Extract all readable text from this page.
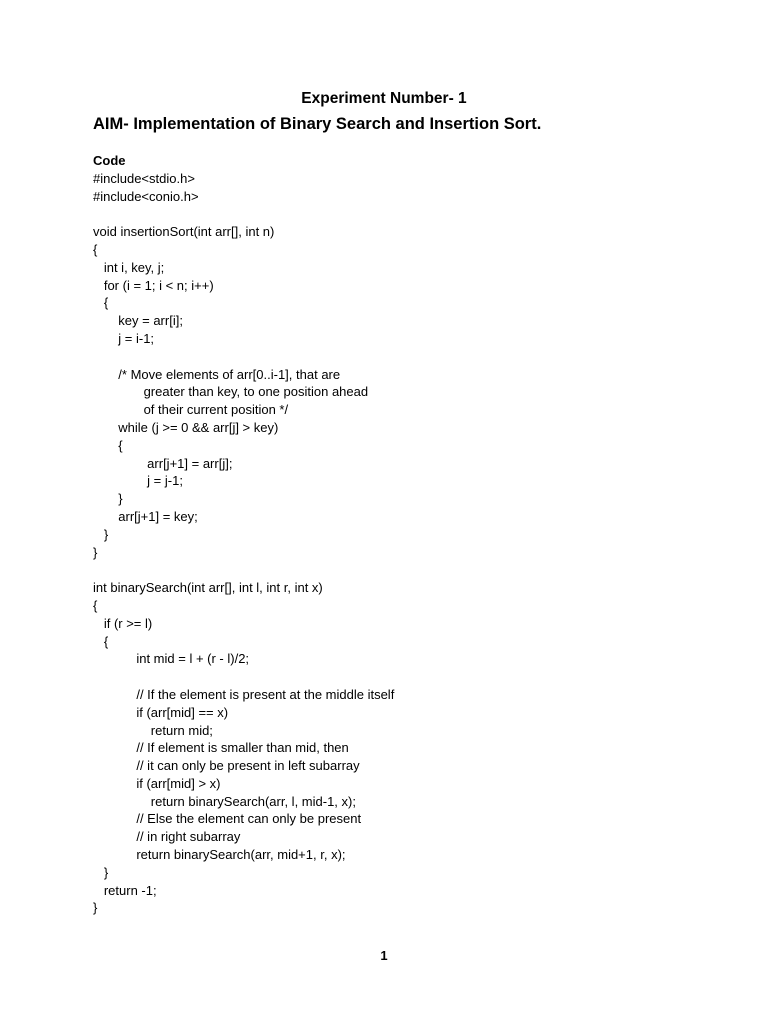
Experiment Number- 1
AIM- Implementation of Binary Search and Insertion Sort.
Code
#include<stdio.h>
#include<conio.h>
void insertionSort(int arr[], int n)
{
int i, key, j;
for (i = 1; i < n; i++)
{
key = arr[i];
j = i-1;
/* Move elements of arr[0..i-1], that are
greater than key, to one position ahead
of their current position */
while (j >= 0 && arr[j] > key)
{
arr[j+1] = arr[j];
j = j-1;
}
arr[j+1] = key;
}
}
int binarySearch(int arr[], int l, int r, int x)
{
if (r >= l)
{
int mid = l + (r - l)/2;
// If the element is present at the middle itself
if (arr[mid] == x)
return mid;
// If element is smaller than mid, then
// it can only be present in left subarray
if (arr[mid] > x)
return binarySearch(arr, l, mid-1, x);
// Else the element can only be present
// in right subarray
return binarySearch(arr, mid+1, r, x);
}
return -1;
}
1
